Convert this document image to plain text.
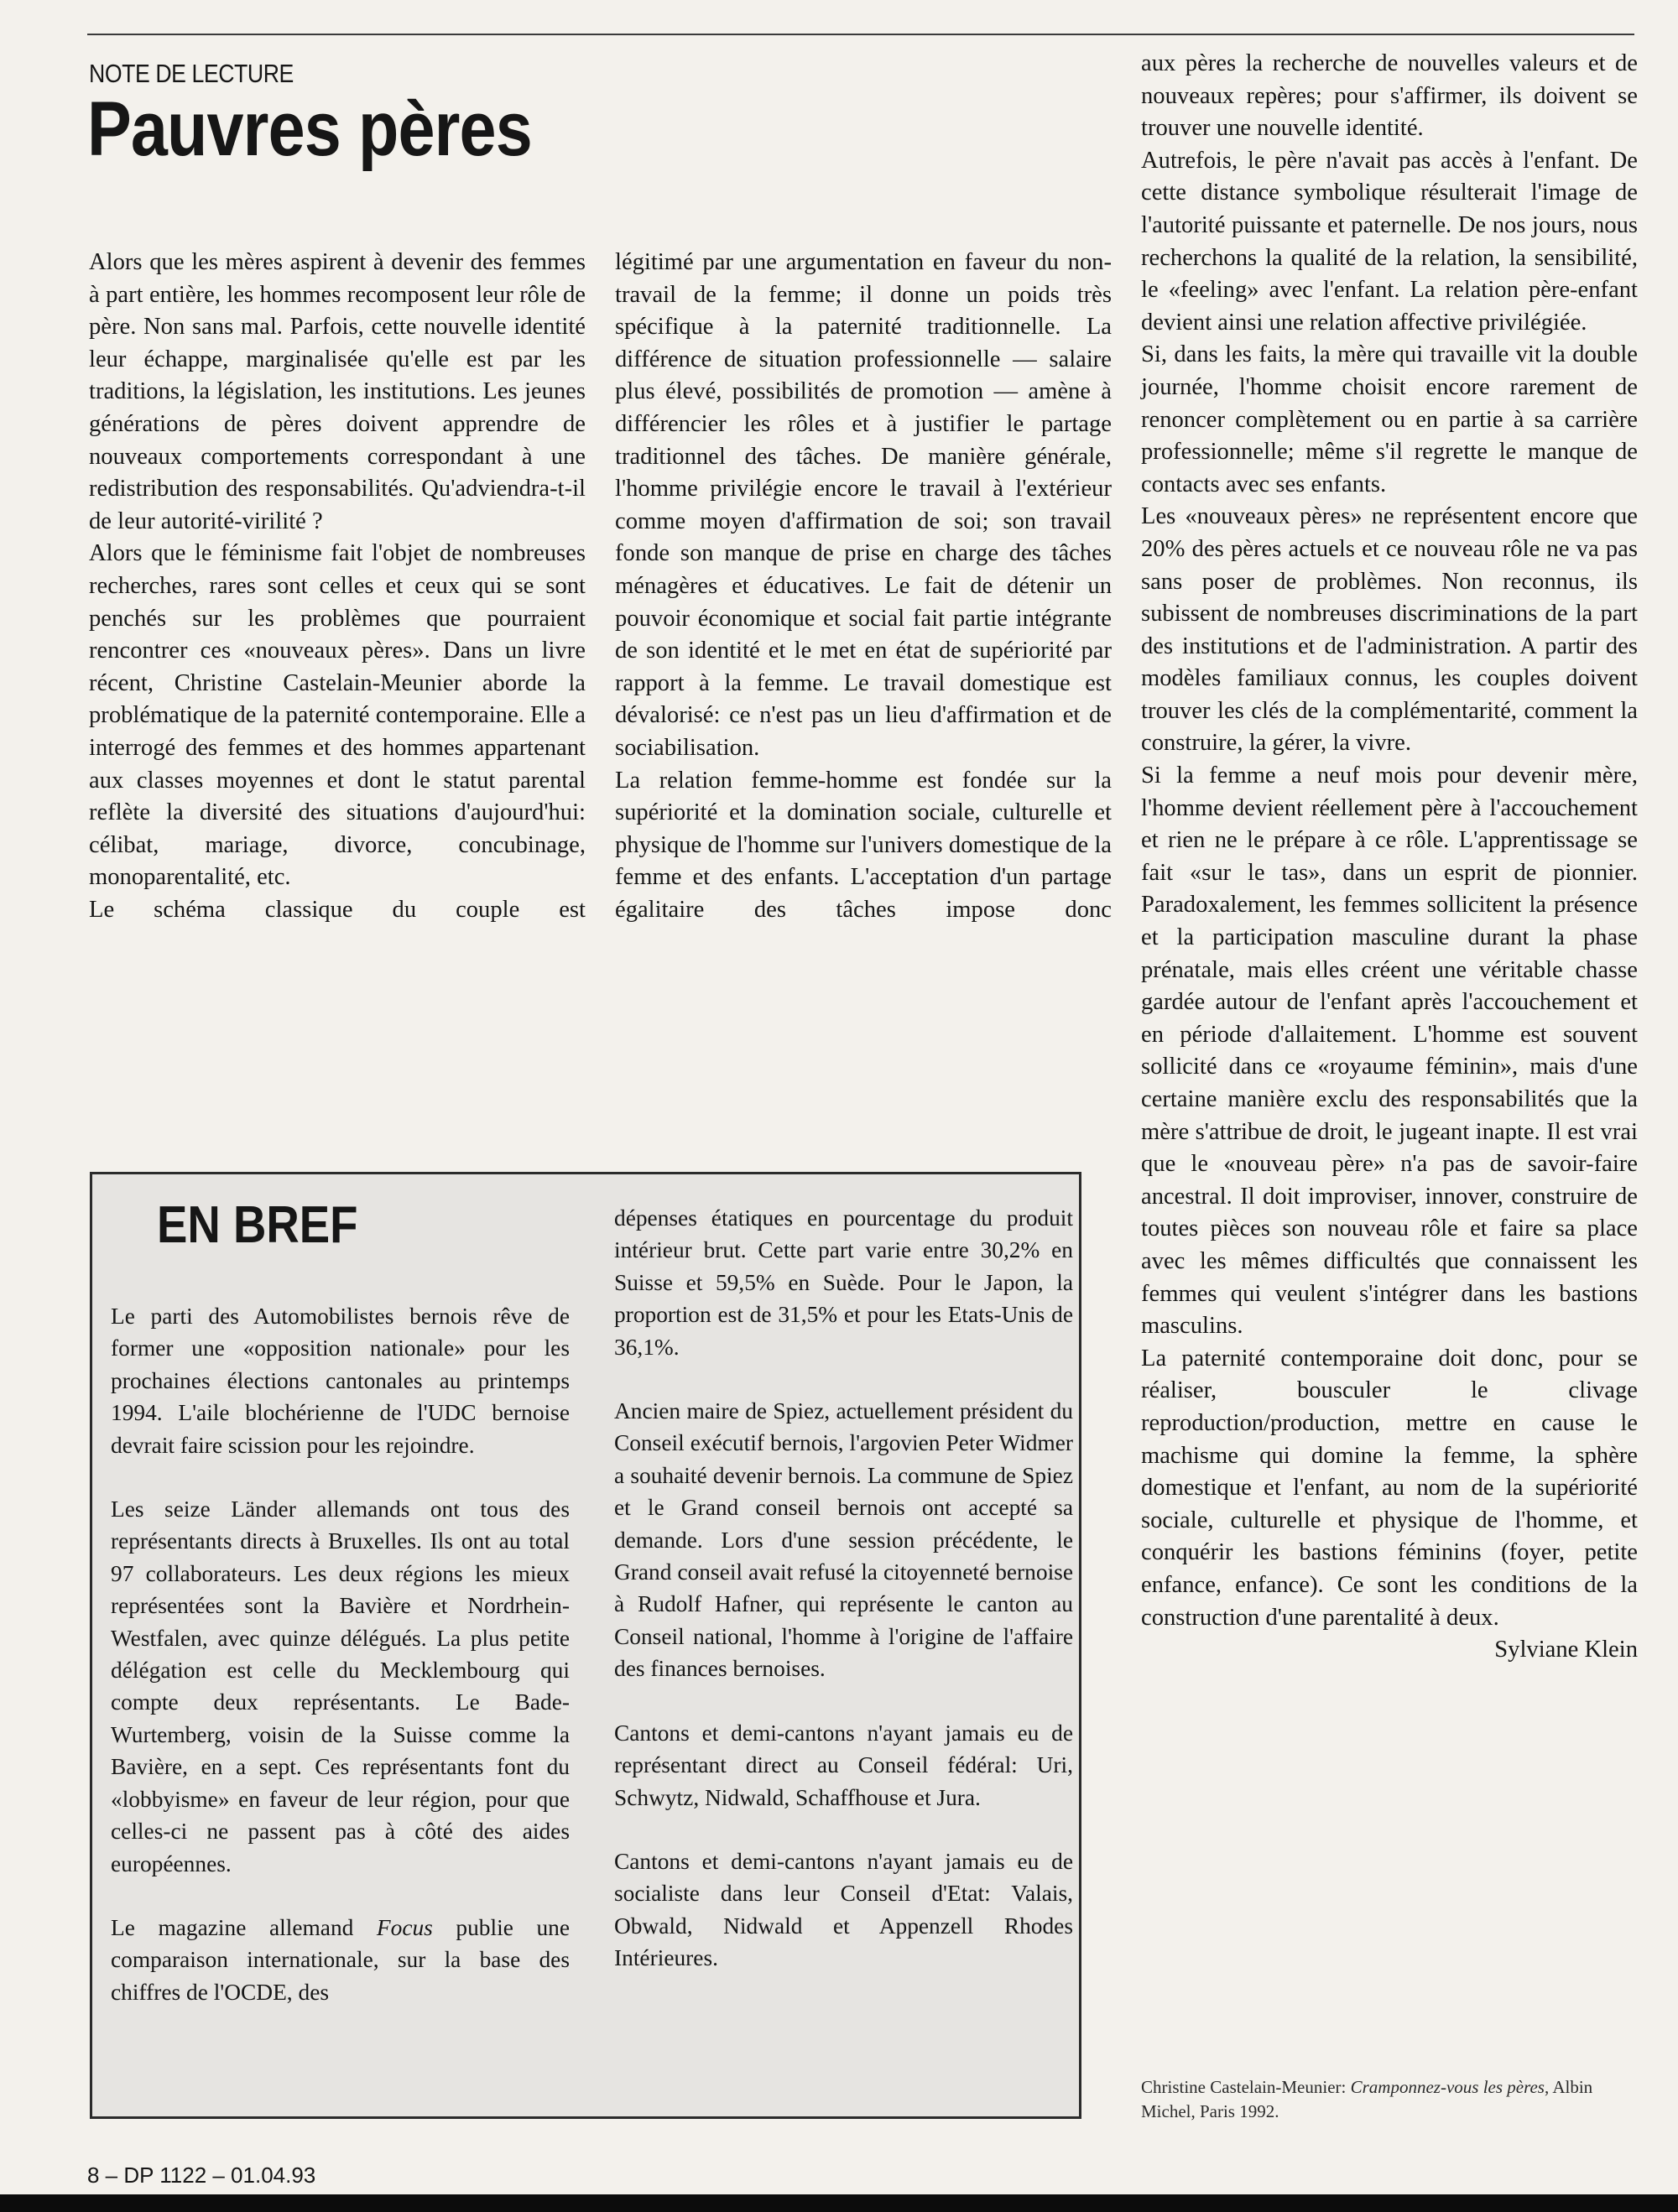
NOTE DE LECTURE
Pauvres pères

Alors que les mères aspirent à devenir des femmes à part entière, les hommes recomposent leur rôle de père. Non sans mal. Parfois, cette nouvelle identité leur échappe, marginalisée qu'elle est par les traditions, la législation, les institutions. Les jeunes générations de pères doivent apprendre de nouveaux comportements correspondant à une redistribution des responsabilités. Qu'adviendra-t-il de leur autorité-virilité ?

Alors que le féminisme fait l'objet de nombreuses recherches, rares sont celles et ceux qui se sont penchés sur les problèmes que pourraient rencontrer ces «nouveaux pères». Dans un livre récent, Christine Castelain-Meunier aborde la problématique de la paternité contemporaine. Elle a interrogé des femmes et des hommes appartenant aux classes moyennes et dont le statut parental reflète la diversité des situations d'aujourd'hui: célibat, mariage, divorce, concubinage, monoparentalité, etc.

Le schéma classique du couple est

légitimé par une argumentation en faveur du non-travail de la femme; il donne un poids très spécifique à la paternité traditionnelle. La différence de situation professionnelle — salaire plus élevé, possibilités de promotion — amène à différencier les rôles et à justifier le partage traditionnel des tâches. De manière générale, l'homme privilégie encore le travail à l'extérieur comme moyen d'affirmation de soi; son travail fonde son manque de prise en charge des tâches ménagères et éducatives. Le fait de détenir un pouvoir économique et social fait partie intégrante de son identité et le met en état de supériorité par rapport à la femme. Le travail domestique est dévalorisé: ce n'est pas un lieu d'affirmation et de sociabilisation.

La relation femme-homme est fondée sur la supériorité et la domination sociale, culturelle et physique de l'homme sur l'univers domestique de la femme et des enfants. L'acceptation d'un partage égalitaire des tâches impose donc

aux pères la recherche de nouvelles valeurs et de nouveaux repères; pour s'affirmer, ils doivent se trouver une nouvelle identité.

Autrefois, le père n'avait pas accès à l'enfant. De cette distance symbolique résulterait l'image de l'autorité puissante et paternelle. De nos jours, nous recherchons la qualité de la relation, la sensibilité, le «feeling» avec l'enfant. La relation père-enfant devient ainsi une relation affective privilégiée.

Si, dans les faits, la mère qui travaille vit la double journée, l'homme choisit encore rarement de renoncer complètement ou en partie à sa carrière professionnelle; même s'il regrette le manque de contacts avec ses enfants.

Les «nouveaux pères» ne représentent encore que 20% des pères actuels et ce nouveau rôle ne va pas sans poser de problèmes. Non reconnus, ils subissent de nombreuses discriminations de la part des institutions et de l'administration. A partir des modèles familiaux connus, les couples doivent trouver les clés de la complémentarité, comment la construire, la gérer, la vivre.

Si la femme a neuf mois pour devenir mère, l'homme devient réellement père à l'accouchement et rien ne le prépare à ce rôle. L'apprentissage se fait «sur le tas», dans un esprit de pionnier. Paradoxalement, les femmes sollicitent la présence et la participation masculine durant la phase prénatale, mais elles créent une véritable chasse gardée autour de l'enfant après l'accouchement et en période d'allaitement. L'homme est souvent sollicité dans ce «royaume féminin», mais d'une certaine manière exclu des responsabilités que la mère s'attribue de droit, le jugeant inapte. Il est vrai que le «nouveau père» n'a pas de savoir-faire ancestral. Il doit improviser, innover, construire de toutes pièces son nouveau rôle et faire sa place avec les mêmes difficultés que connaissent les femmes qui veulent s'intégrer dans les bastions masculins.

La paternité contemporaine doit donc, pour se réaliser, bousculer le clivage reproduction/production, mettre en cause le machisme qui domine la femme, la sphère domestique et l'enfant, au nom de la supériorité sociale, culturelle et physique de l'homme, et conquérir les bastions féminins (foyer, petite enfance, enfance). Ce sont les conditions de la construction d'une parentalité à deux.

Sylviane Klein

Christine Castelain-Meunier: Cramponnez-vous les pères, Albin Michel, Paris 1992.
EN BREF

Le parti des Automobilistes bernois rêve de former une «opposition nationale» pour les prochaines élections cantonales au printemps 1994. L'aile blochérienne de l'UDC bernoise devrait faire scission pour les rejoindre.

Les seize Länder allemands ont tous des représentants directs à Bruxelles. Ils ont au total 97 collaborateurs. Les deux régions les mieux représentées sont la Bavière et Nordrhein-Westfalen, avec quinze délégués. La plus petite délégation est celle du Mecklembourg qui compte deux représentants. Le Bade-Wurtemberg, voisin de la Suisse comme la Bavière, en a sept. Ces représentants font du «lobbyisme» en faveur de leur région, pour que celles-ci ne passent pas à côté des aides européennes.

Le magazine allemand Focus publie une comparaison internationale, sur la base des chiffres de l'OCDE, des

dépenses étatiques en pourcentage du produit intérieur brut. Cette part varie entre 30,2% en Suisse et 59,5% en Suède. Pour le Japon, la proportion est de 31,5% et pour les Etats-Unis de 36,1%.

Ancien maire de Spiez, actuellement président du Conseil exécutif bernois, l'argovien Peter Widmer a souhaité devenir bernois. La commune de Spiez et le Grand conseil bernois ont accepté sa demande. Lors d'une session précédente, le Grand conseil avait refusé la citoyenneté bernoise à Rudolf Hafner, qui représente le canton au Conseil national, l'homme à l'origine de l'affaire des finances bernoises.

Cantons et demi-cantons n'ayant jamais eu de représentant direct au Conseil fédéral: Uri, Schwytz, Nidwald, Schaffhouse et Jura.

Cantons et demi-cantons n'ayant jamais eu de socialiste dans leur Conseil d'Etat: Valais, Obwald, Nidwald et Appenzell Rhodes Intérieures.

8 – DP 1122 – 01.04.93
